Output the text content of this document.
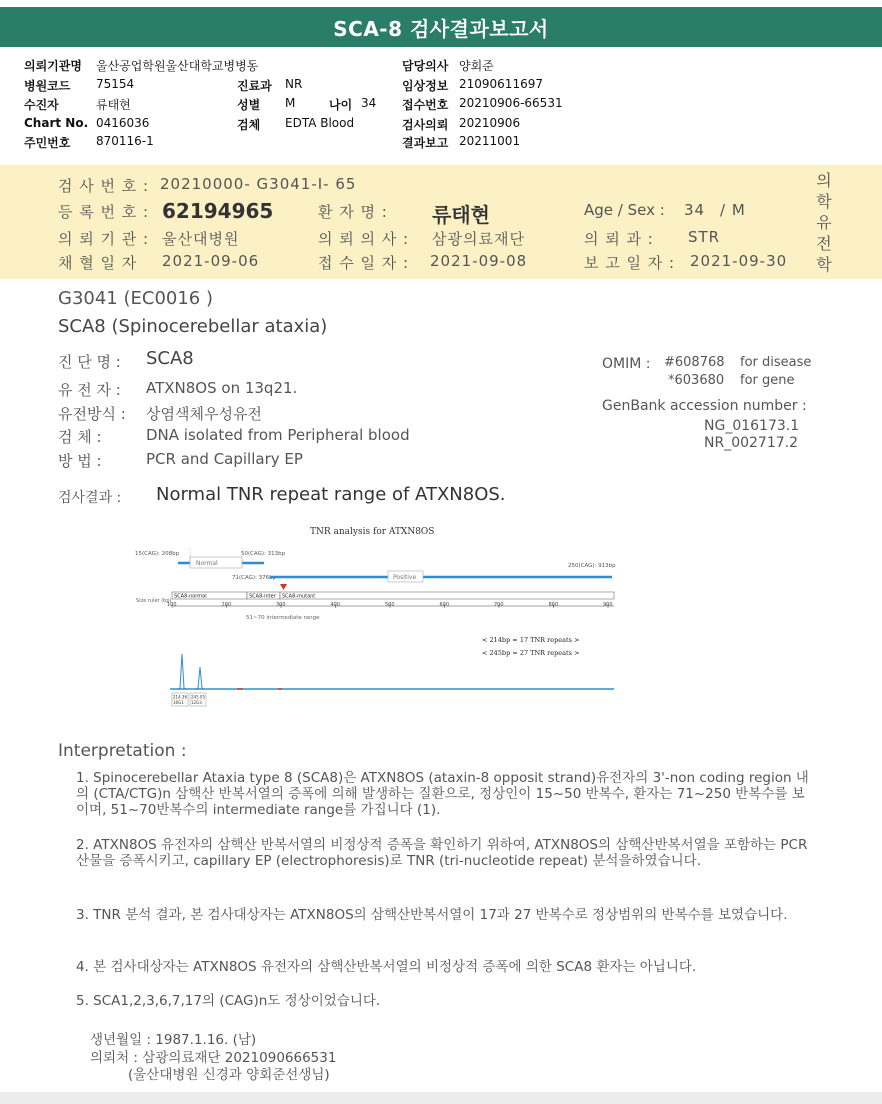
SCA-8 검사결과보고서
의뢰기관명 울산공업학원울산대학교병병동
병원코드 75154	진료과 NR
수진자	류태현	성별 M	나이 34
Chart No. 0416036	검체 EDTA Blood
주민번호 870116-1
담당의사 양회준
임상정보 21090611697
접수번호 20210906-66531
검사의뢰 20210906
결과보고 20211001
검 사 번 호 : 20210000- G3041-I- 65
등 록 번 호 : 62194965	환 자 명 : 류태현	Age / Sex : 34 / M
의 뢰 기 관 : 울산대병원	의 뢰 의 사 : 삼광의료재단	의 뢰 과 : STR
채 혈 일 자 2021-09-06	접 수 일 자 : 2021-09-08	보 고 일 자 : 2021-09-30
의
학
유
전
학
G3041 (EC0016 )
SCA8 (Spinocerebellar ataxia)
진 단 명 : SCA8
유 전 자 : ATXN8OS on 13q21.
유전방식 : 상염색체우성유전
검 체 :	DNA isolated from Peripheral blood
방 법 :	PCR and Capillary EP
OMIM : #608768 for disease
*603680 for gene
GenBank accession number :
NG_016173.1
NR_002717.2
검사결과 : Normal TNR repeat range of ATXN8OS.
TNR analysis for ATXN8OS
15(CAG): 208bp	50(CAG): 313bp
71(CAG): 376bp
250(CAG): 913bp
Normal
Positive
SCA8-normal	SCA8-inter SCA8-mutant
Size ruler (bp)
100	200	300	400	500	600	700	800	900
51~70 intermediate range
< 214bp = 17 TNR repeats >
< 245bp = 27 TNR repeats >
214.36
16G1
245.05
12G3
Interpretation :
1. Spinocerebellar Ataxia type 8 (SCA8)은 ATXN8OS (ataxin-8 opposit strand)유전자의 3'-non coding region 내의 (CTA/CTG)n 삼핵산 반복서열의 증폭에 의해 발생하는 질환으로, 정상인이 15~50 반복수, 환자는 71~250 반복수를 보이며, 51~70반복수의 intermediate range를 가집니다 (1).
2. ATXN8OS 유전자의 삼핵산 반복서열의 비정상적 증폭을 확인하기 위하여, ATXN8OS의 삼핵산반복서열을 포함하는 PCR 산물을 증폭시키고, capillary EP (electrophoresis)로 TNR (tri-nucleotide repeat) 분석을하였습니다.
3. TNR 분석 결과, 본 검사대상자는 ATXN8OS의 삼핵산반복서열이 17과 27 반복수로 정상범위의 반복수를 보였습니다.
4. 본 검사대상자는 ATXN8OS 유전자의 삼핵산반복서열의 비정상적 증폭에 의한 SCA8 환자는 아닙니다.
5. SCA1,2,3,6,7,17의 (CAG)n도 정상이었습니다.
생년월일 : 1987.1.16. (남)
의뢰처 : 삼광의료재단 2021090666531
(울산대병원 신경과 양회준선생님)
